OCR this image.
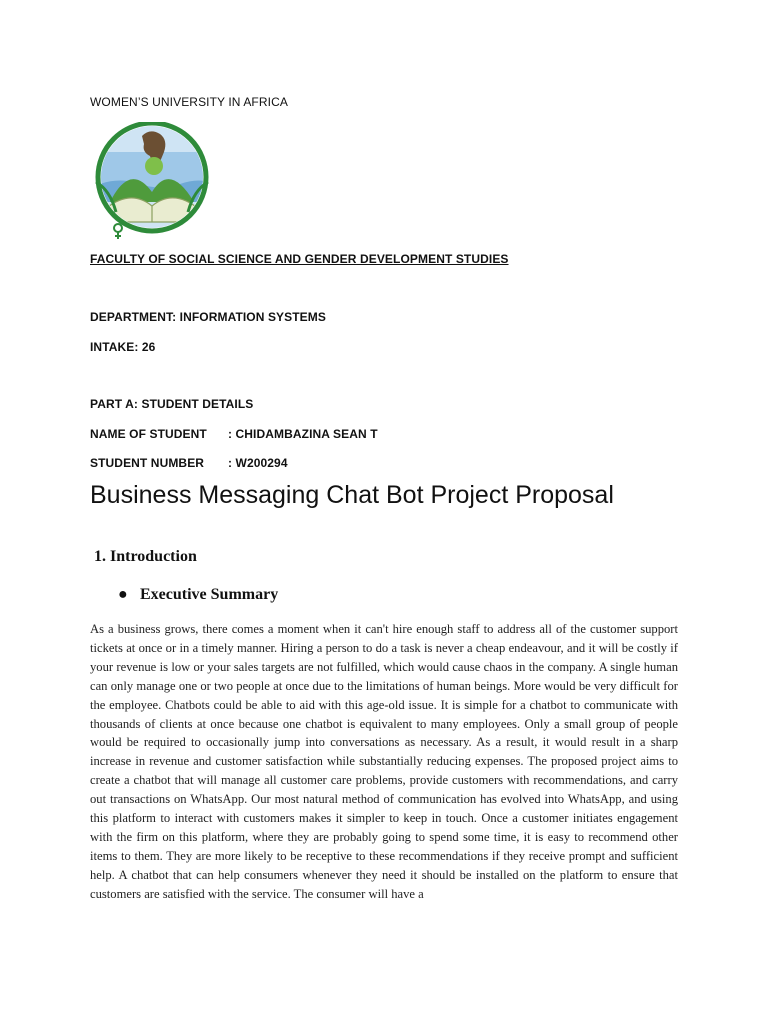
WOMEN’S UNIVERSITY IN AFRICA
FACULTY OF SOCIAL SCIENCE AND GENDER DEVELOPMENT STUDIES
DEPARTMENT: INFORMATION SYSTEMS
INTAKE: 26
PART A: STUDENT DETAILS
NAME OF STUDENT : CHIDAMBAZINA SEAN T
STUDENT NUMBER : W200294
Business Messaging Chat Bot Project Proposal
1. Introduction
● Executive Summary
As a business grows, there comes a moment when it can't hire enough staff to address all of the customer support tickets at once or in a timely manner. Hiring a person to do a task is never a cheap endeavour, and it will be costly if your revenue is low or your sales targets are not fulfilled, which would cause chaos in the company. A single human can only manage one or two people at once due to the limitations of human beings. More would be very difficult for the employee. Chatbots could be able to aid with this age-old issue. It is simple for a chatbot to communicate with thousands of clients at once because one chatbot is equivalent to many employees. Only a small group of people would be required to occasionally jump into conversations as necessary. As a result, it would result in a sharp increase in revenue and customer satisfaction while substantially reducing expenses. The proposed project aims to create a chatbot that will manage all customer care problems, provide customers with recommendations, and carry out transactions on WhatsApp. Our most natural method of communication has evolved into WhatsApp, and using this platform to interact with customers makes it simpler to keep in touch. Once a customer initiates engagement with the firm on this platform, where they are probably going to spend some time, it is easy to recommend other items to them. They are more likely to be receptive to these recommendations if they receive prompt and sufficient help. A chatbot that can help consumers whenever they need it should be installed on the platform to ensure that customers are satisfied with the service. The consumer will have a
